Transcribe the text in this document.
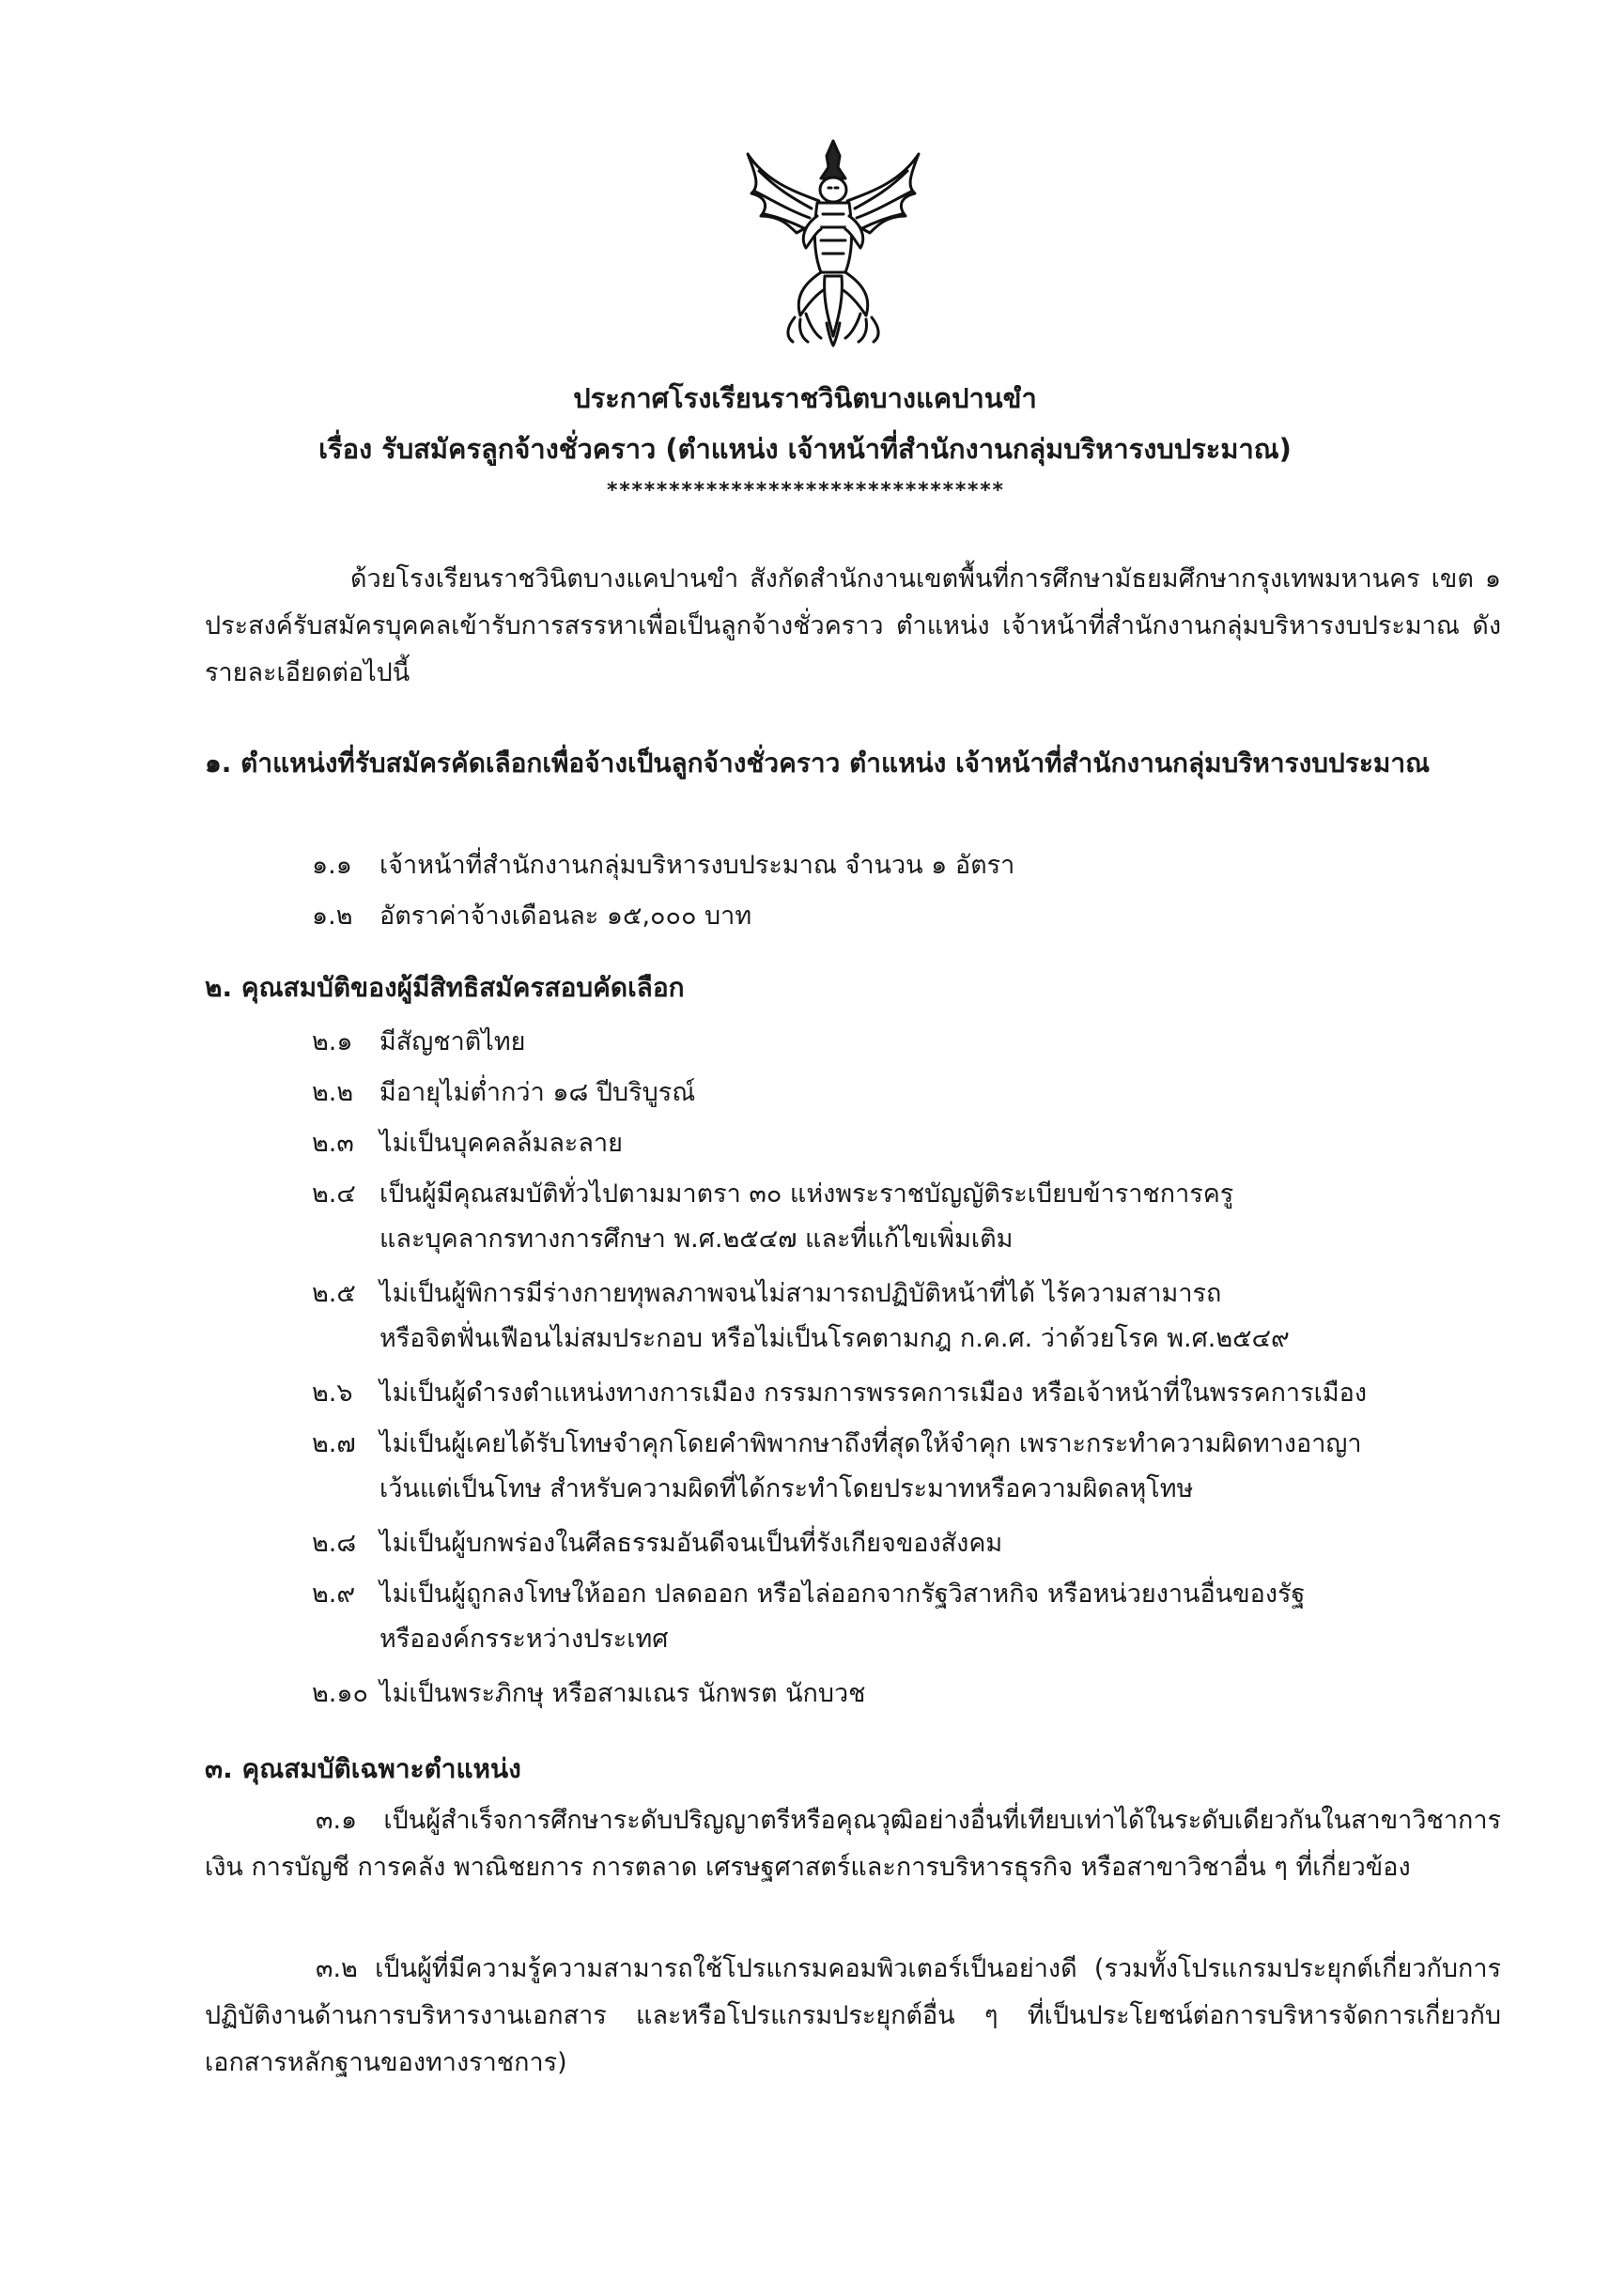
ประกาศโรงเรียนราชวินิตบางแคปานขำ
เรื่อง รับสมัครลูกจ้างชั่วคราว (ตำแหน่ง เจ้าหน้าที่สำนักงานกลุ่มบริหารงบประมาณ)
********************************
ด้วยโรงเรียนราชวินิตบางแคปานขำ สังกัดสำนักงานเขตพื้นที่การศึกษามัธยมศึกษากรุงเทพมหานคร เขต ๑ ประสงค์รับสมัครบุคคลเข้ารับการสรรหาเพื่อเป็นลูกจ้างชั่วคราว ตำแหน่ง เจ้าหน้าที่สำนักงานกลุ่มบริหารงบประมาณ ดังรายละเอียดต่อไปนี้
๑. ตำแหน่งที่รับสมัครคัดเลือกเพื่อจ้างเป็นลูกจ้างชั่วคราว ตำแหน่ง เจ้าหน้าที่สำนักงานกลุ่มบริหารงบประมาณ
๑.๑ เจ้าหน้าที่สำนักงานกลุ่มบริหารงบประมาณ จำนวน ๑ อัตรา
๑.๒ อัตราค่าจ้างเดือนละ ๑๕,๐๐๐ บาท
๒. คุณสมบัติของผู้มีสิทธิสมัครสอบคัดเลือก
๒.๑ มีสัญชาติไทย
๒.๒ มีอายุไม่ต่ำกว่า ๑๘ ปีบริบูรณ์
๒.๓ ไม่เป็นบุคคลล้มละลาย
๒.๔ เป็นผู้มีคุณสมบัติทั่วไปตามมาตรา ๓๐ แห่งพระราชบัญญัติระเบียบข้าราชการครู
และบุคลากรทางการศึกษา พ.ศ.๒๕๔๗ และที่แก้ไขเพิ่มเติม
๒.๕ ไม่เป็นผู้พิการมีร่างกายทุพลภาพจนไม่สามารถปฏิบัติหน้าที่ได้ ไร้ความสามารถ
หรือจิตฟั่นเฟือนไม่สมประกอบ หรือไม่เป็นโรคตามกฎ ก.ค.ศ. ว่าด้วยโรค พ.ศ.๒๕๔๙
๒.๖ ไม่เป็นผู้ดำรงตำแหน่งทางการเมือง กรรมการพรรคการเมือง หรือเจ้าหน้าที่ในพรรคการเมือง
๒.๗ ไม่เป็นผู้เคยได้รับโทษจำคุกโดยคำพิพากษาถึงที่สุดให้จำคุก เพราะกระทำความผิดทางอาญา
เว้นแต่เป็นโทษ สำหรับความผิดที่ได้กระทำโดยประมาทหรือความผิดลหุโทษ
๒.๘ ไม่เป็นผู้บกพร่องในศีลธรรมอันดีจนเป็นที่รังเกียจของสังคม
๒.๙ ไม่เป็นผู้ถูกลงโทษให้ออก ปลดออก หรือไล่ออกจากรัฐวิสาหกิจ หรือหน่วยงานอื่นของรัฐ
หรือองค์กรระหว่างประเทศ
๒.๑๐ ไม่เป็นพระภิกษุ หรือสามเณร นักพรต นักบวช
๓. คุณสมบัติเฉพาะตำแหน่ง
๓.๑ เป็นผู้สำเร็จการศึกษาระดับปริญญาตรีหรือคุณวุฒิอย่างอื่นที่เทียบเท่าได้ในระดับเดียวกันในสาขาวิชาการเงิน การบัญชี การคลัง พาณิชยการ การตลาด เศรษฐศาสตร์และการบริหารธุรกิจ หรือสาขาวิชาอื่น ๆ ที่เกี่ยวข้อง
๓.๒ เป็นผู้ที่มีความรู้ความสามารถใช้โปรแกรมคอมพิวเตอร์เป็นอย่างดี (รวมทั้งโปรแกรมประยุกต์เกี่ยวกับการปฏิบัติงานด้านการบริหารงานเอกสาร และหรือโปรแกรมประยุกต์อื่น ๆ ที่เป็นประโยชน์ต่อการบริหารจัดการเกี่ยวกับเอกสารหลักฐานของทางราชการ)
